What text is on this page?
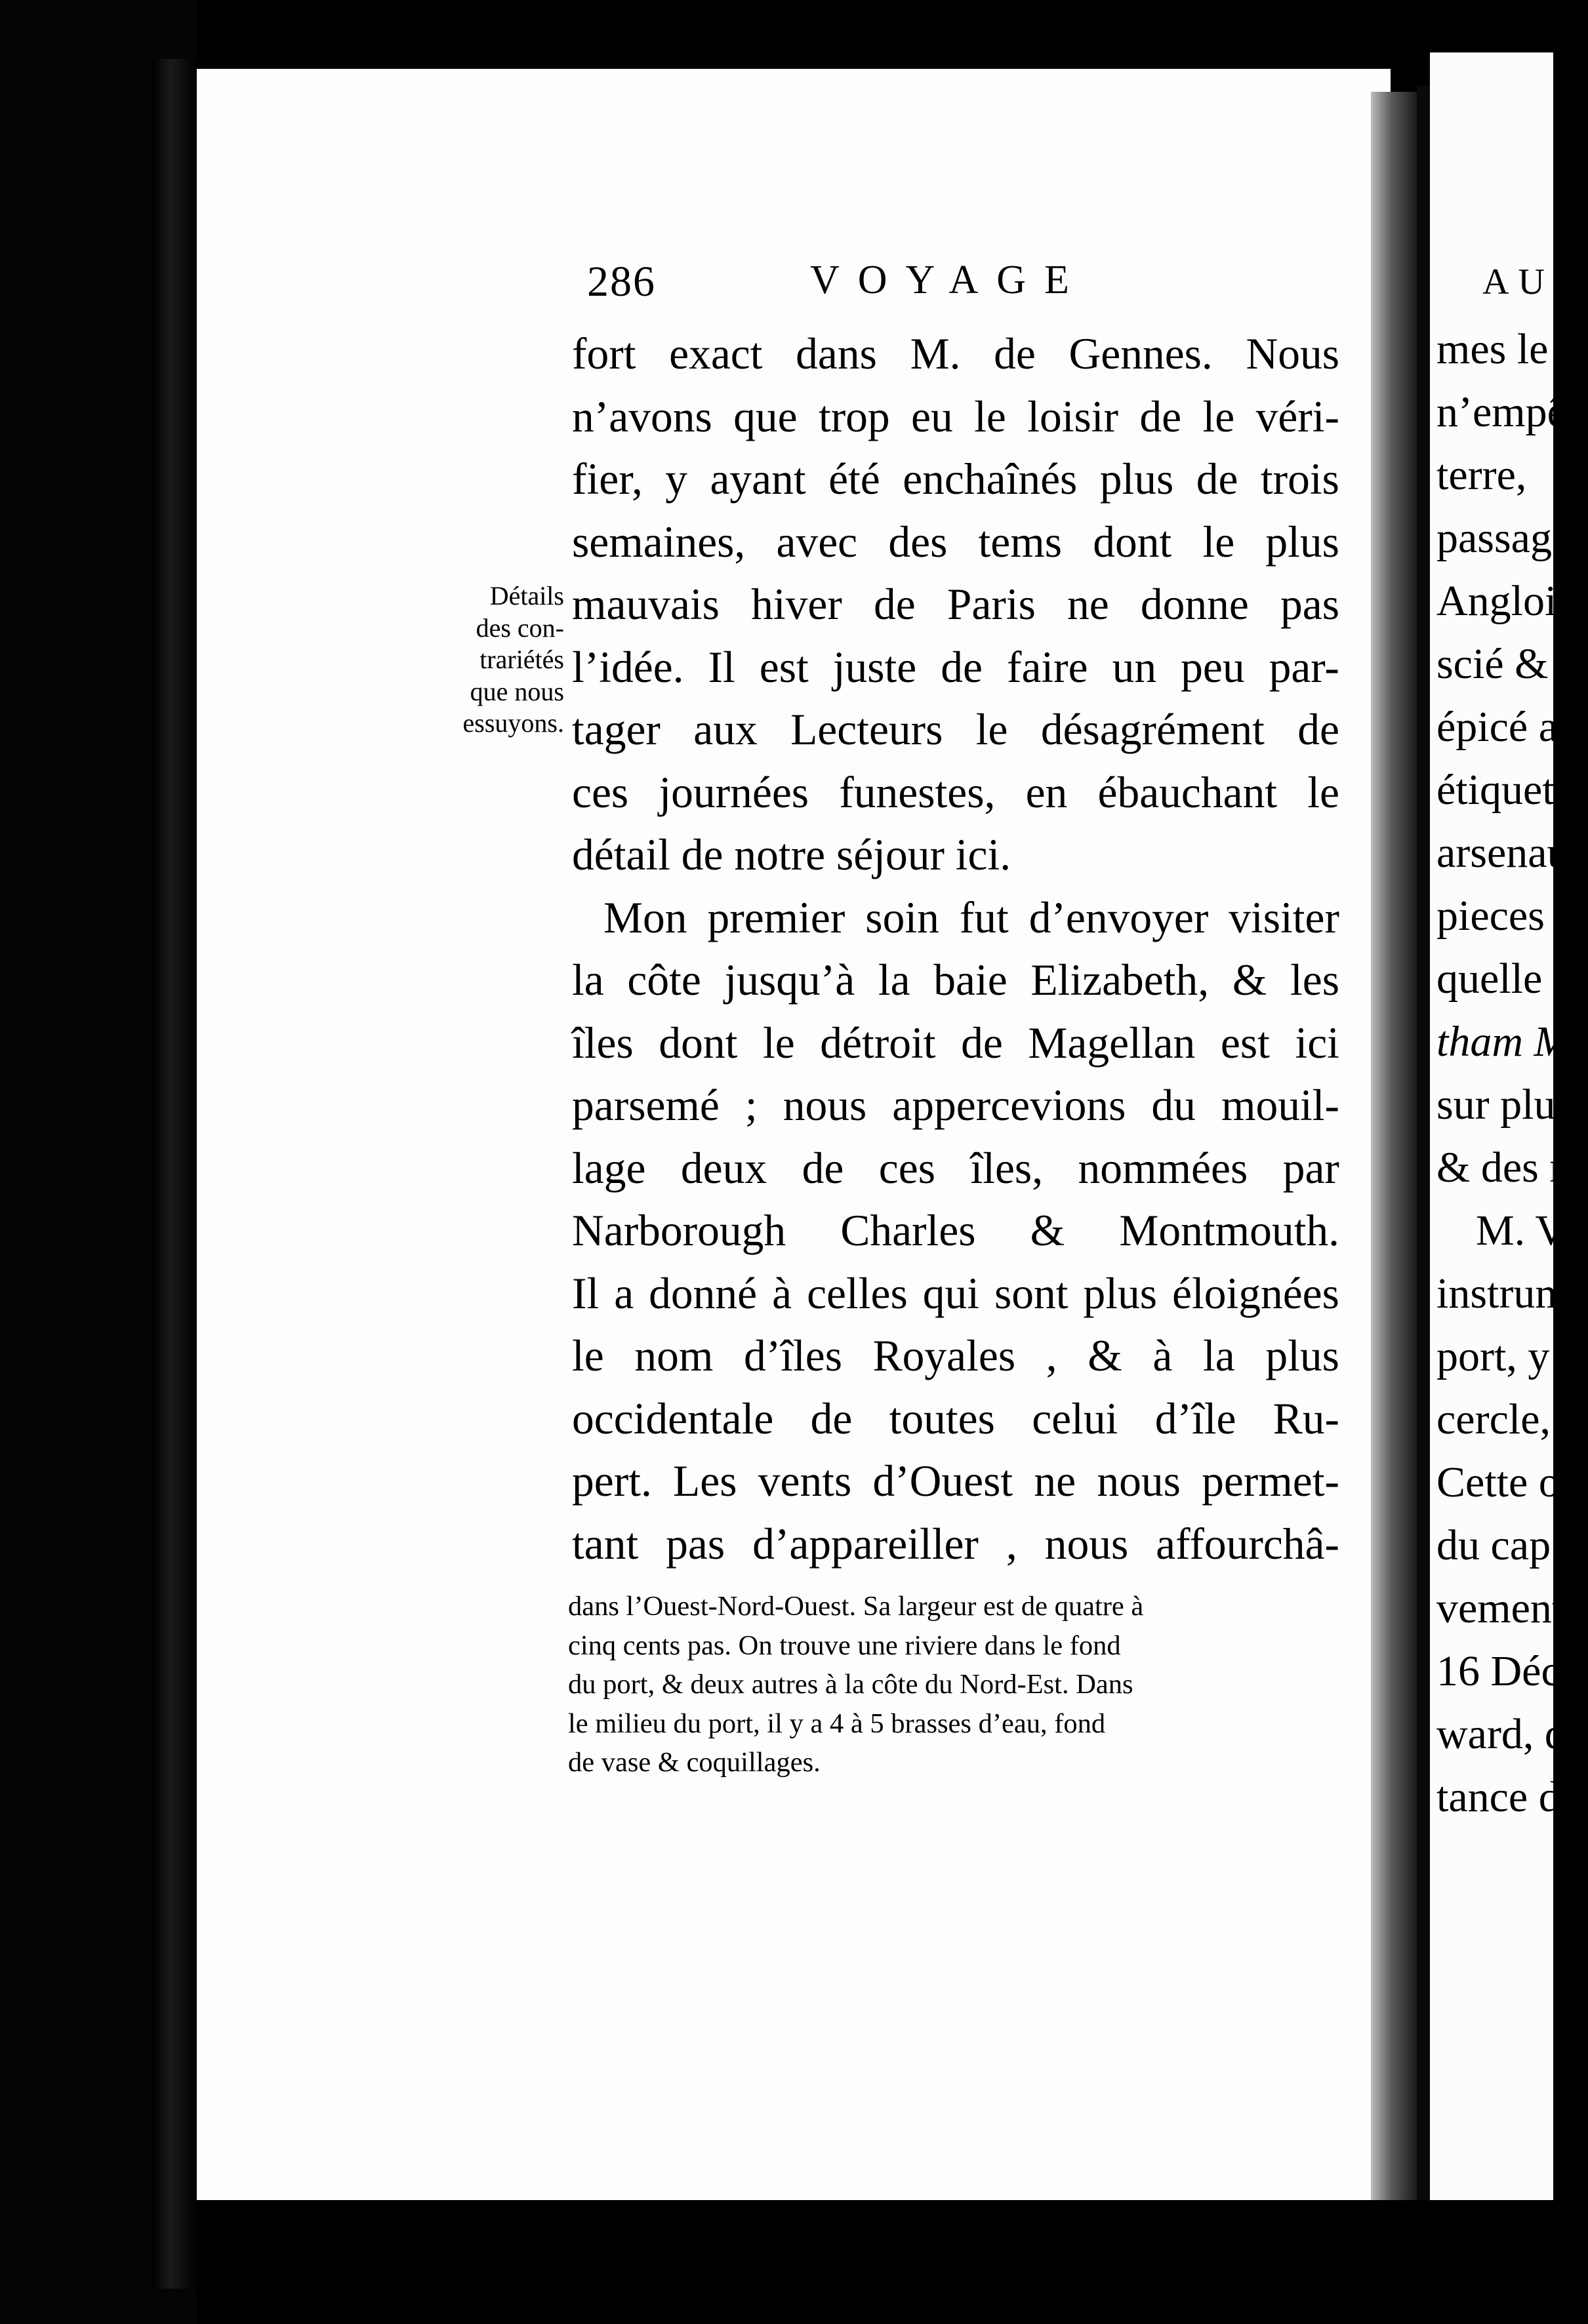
286	VOYAGE
Détails
des con-
trariétés
que nous
essuyons.
fort exact dans M. de Gennes. Nous
n’avons que trop eu le loisir de le véri-
fier, y ayant été enchaînés plus de trois
semaines, avec des tems dont le plus
mauvais hiver de Paris ne donne pas
l’idée. Il est juste de faire un peu par-
tager aux Lecteurs le désagrément de
ces journées funestes, en ébauchant le
détail de notre séjour ici.
Mon premier soin fut d’envoyer visiter
la côte jusqu’à la baie Elizabeth, & les
îles dont le détroit de Magellan est ici
parsemé ; nous appercevions du mouil-
lage deux de ces îles, nommées par
Narborough Charles & Montmouth.
Il a donné à celles qui sont plus éloignées
le nom d’îles Royales , & à la plus
occidentale de toutes celui d’île Ru-
pert. Les vents d’Ouest ne nous permet-
tant pas d’appareiller , nous affourchâ-
dans l’Ouest-Nord-Ouest. Sa largeur est de quatre à
cinq cents pas. On trouve une riviere dans le fond
du port, & deux autres à la côte du Nord-Est. Dans
le milieu du port, il y a 4 à 5 brasses d’eau, fond
de vase & coquillages.
AU
mes le
n’empê
terre,
passage
Anglois
scié &
épicé a
étiquett
arsenau
pieces
quelle c
tham M
sur plus
& des r
M. V
instrume
port, y
cercle,
Cette o
du cap
vement
16 Déc
ward, d
tance du
